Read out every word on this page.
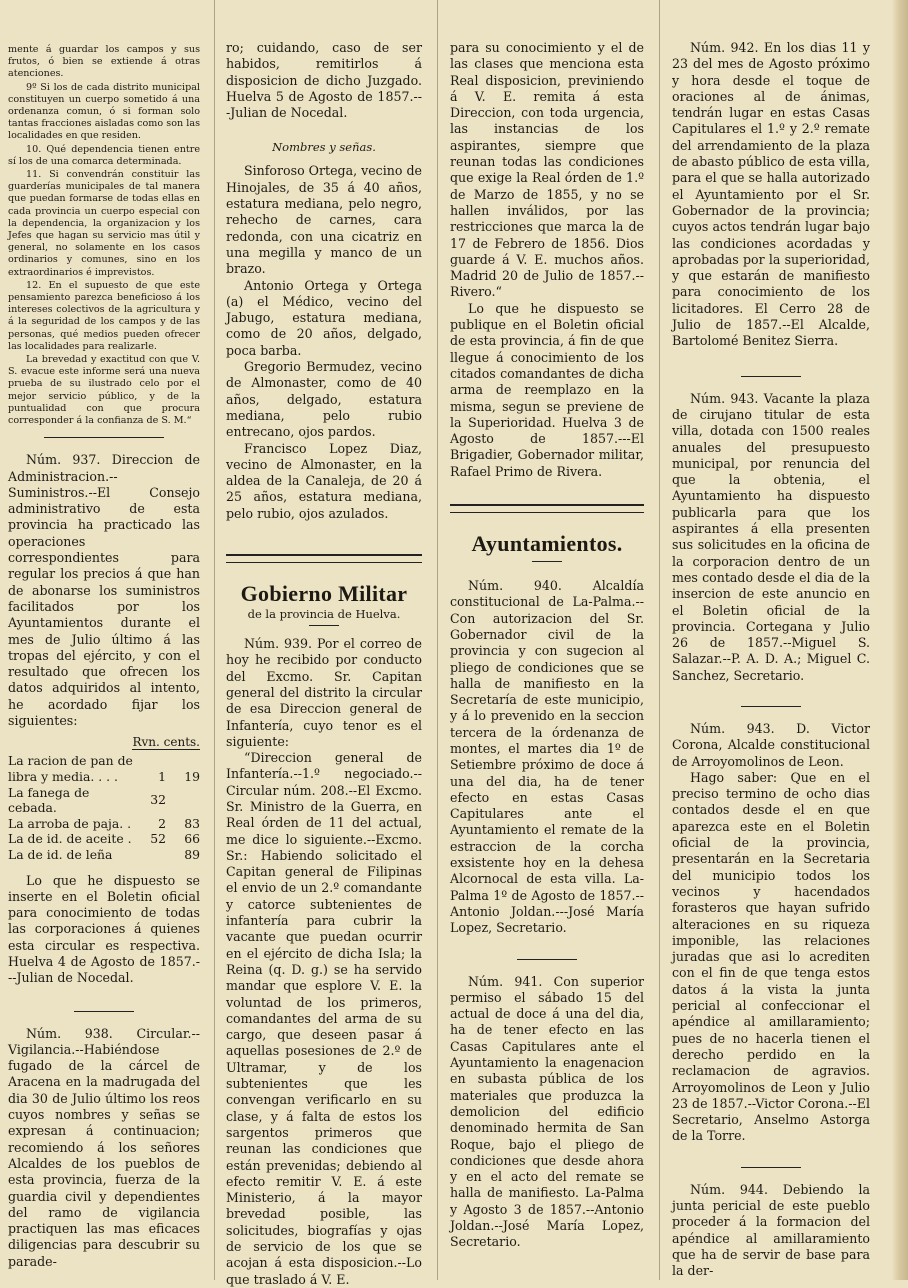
mente á guardar los campos y sus frutos, ó bien se extiende á otras atenciones.

9º Si los de cada distrito municipal constituyen un cuerpo sometido á una ordenanza comun, ó si forman solo tantas fracciones aisladas como son las localidades en que residen.

10. Qué dependencia tienen entre sí los de una comarca determinada.

11. Si convendrán constituir las guarderías municipales de tal manera que puedan formarse de todas ellas en cada provincia un cuerpo especial con la dependencia, la organizacion y los Jefes que hagan su servicio mas útil y general, no solamente en los casos ordinarios y comunes, sino en los extraordinarios é imprevistos.

12. En el supuesto de que este pensamiento parezca beneficioso á los intereses colectivos de la agricultura y á la seguridad de los campos y de las personas, qué medios pueden ofrecer las localidades para realizarle.

La brevedad y exactitud con que V. S. evacue este informe será una nueva prueba de su ilustrado celo por el mejor servicio público, y de la puntualidad con que procura corresponder á la confianza de S. M.“

Núm. 937. Direccion de Administracion.--Suministros.--El Consejo administrativo de esta provincia ha practicado las operaciones correspondientes para regular los precios á que han de abonarse los suministros facilitados por los Ayuntamientos durante el mes de Julio último á las tropas del ejército, y con el resultado que ofrecen los datos adquiridos al intento, he acordado fijar los siguientes:

Rvn. cents.
La racion de pan de		
libra y media. . . .	1	19
La fanega de cebada.	32	
La arroba de paja. .	2	83
La de id. de aceite .	52	66
La de id. de leña		89

Lo que he dispuesto se inserte en el Boletin oficial para conocimiento de todas las corporaciones á quienes esta circular es respectiva. Huelva 4 de Agosto de 1857.---Julian de Nocedal.

Núm. 938. Circular.--Vigilancia.--Habiéndose fugado de la cárcel de Aracena en la madrugada del dia 30 de Julio último los reos cuyos nombres y señas se expresan á continuacion; recomiendo á los señores Alcaldes de los pueblos de esta provincia, fuerza de la guardia civil y dependientes del ramo de vigilancia practiquen las mas eficaces diligencias para descubrir su parade-

ro; cuidando, caso de ser habidos, remitirlos á disposicion de dicho Juzgado. Huelva 5 de Agosto de 1857.---Julian de Nocedal.

Nombres y señas.

Sinforoso Ortega, vecino de Hinojales, de 35 á 40 años, estatura mediana, pelo negro, rehecho de carnes, cara redonda, con una cicatriz en una megilla y manco de un brazo.

Antonio Ortega y Ortega (a) el Médico, vecino del Jabugo, estatura mediana, como de 20 años, delgado, poca barba.

Gregorio Bermudez, vecino de Almonaster, como de 40 años, delgado, estatura mediana, pelo rubio entrecano, ojos pardos.

Francisco Lopez Diaz, vecino de Almonaster, en la aldea de la Canaleja, de 20 á 25 años, estatura mediana, pelo rubio, ojos azulados.

Gobierno Militar
de la provincia de Huelva.

Núm. 939. Por el correo de hoy he recibido por conducto del Excmo. Sr. Capitan general del distrito la circular de esa Direccion general de Infantería, cuyo tenor es el siguiente:

“Direccion general de Infantería.--1.º negociado.--Circular núm. 208.--El Excmo. Sr. Ministro de la Guerra, en Real órden de 11 del actual, me dice lo siguiente.--Excmo. Sr.: Habiendo solicitado el Capitan general de Filipinas el envio de un 2.º comandante y catorce subtenientes de infantería para cubrir la vacante que puedan ocurrir en el ejército de dicha Isla; la Reina (q. D. g.) se ha servido mandar que esplore V. E. la voluntad de los primeros, comandantes del arma de su cargo, que deseen pasar á aquellas posesiones de 2.º de Ultramar, y de los subtenientes que les convengan verificarlo en su clase, y á falta de estos los sargentos primeros que reunan las condiciones que están prevenidas; debiendo al efecto remitir V. E. á este Ministerio, á la mayor brevedad posible, las solicitudes, biografías y ojas de servicio de los que se acojan á esta disposicion.--Lo que traslado á V. E.

para su conocimiento y el de las clases que menciona esta Real disposicion, previniendo á V. E. remita á esta Direccion, con toda urgencia, las instancias de los aspirantes, siempre que reunan todas las condiciones que exige la Real órden de 1.º de Marzo de 1855, y no se hallen inválidos, por las restricciones que marca la de 17 de Febrero de 1856. Dios guarde á V. E. muchos años. Madrid 20 de Julio de 1857.--Rivero.“

Lo que he dispuesto se publique en el Boletin oficial de esta provincia, á fin de que llegue á conocimiento de los citados comandantes de dicha arma de reemplazo en la misma, segun se previene de la Superioridad. Huelva 3 de Agosto de 1857.---El Brigadier, Gobernador militar, Rafael Primo de Rivera.

Ayuntamientos.

Núm. 940. Alcaldía constitucional de La-Palma.--Con autorizacion del Sr. Gobernador civil de la provincia y con sugecion al pliego de condiciones que se halla de manifiesto en la Secretaría de este municipio, y á lo prevenido en la seccion tercera de la órdenanza de montes, el martes dia 1º de Setiembre próximo de doce á una del dia, ha de tener efecto en estas Casas Capitulares ante el Ayuntamiento el remate de la estraccion de la corcha exsistente hoy en la dehesa Alcornocal de esta villa. La-Palma 1º de Agosto de 1857.--Antonio Joldan.---José María Lopez, Secretario.

Núm. 941. Con superior permiso el sábado 15 del actual de doce á una del dia, ha de tener efecto en las Casas Capitulares ante el Ayuntamiento la enagenacion en subasta pública de los materiales que produzca la demolicion del edificio denominado hermita de San Roque, bajo el pliego de condiciones que desde ahora y en el acto del remate se halla de manifiesto. La-Palma y Agosto 3 de 1857.--Antonio Joldan.--José María Lopez, Secretario.

Núm. 942. En los dias 11 y 23 del mes de Agosto próximo y hora desde el toque de oraciones al de ánimas, tendrán lugar en estas Casas Capitulares el 1.º y 2.º remate del arrendamiento de la plaza de abasto público de esta villa, para el que se halla autorizado el Ayuntamiento por el Sr. Gobernador de la provincia; cuyos actos tendrán lugar bajo las condiciones acordadas y aprobadas por la superioridad, y que estarán de manifiesto para conocimiento de los licitadores. El Cerro 28 de Julio de 1857.--El Alcalde, Bartolomé Benitez Sierra.

Núm. 943. Vacante la plaza de cirujano titular de esta villa, dotada con 1500 reales anuales del presupuesto municipal, por renuncia del que la obtenia, el Ayuntamiento ha dispuesto publicarla para que los aspirantes á ella presenten sus solicitudes en la oficina de la corporacion dentro de un mes contado desde el dia de la insercion de este anuncio en el Boletin oficial de la provincia. Cortegana y Julio 26 de 1857.--Miguel S. Salazar.--P. A. D. A.; Miguel C. Sanchez, Secretario.

Núm. 943. D. Victor Corona, Alcalde constitucional de Arroyomolinos de Leon.

Hago saber: Que en el preciso termino de ocho dias contados desde el en que aparezca este en el Boletin oficial de la provincia, presentarán en la Secretaria del municipio todos los vecinos y hacendados forasteros que hayan sufrido alteraciones en su riqueza imponible, las relaciones juradas que asi lo acrediten con el fin de que tenga estos datos á la vista la junta pericial al confeccionar el apéndice al amillaramiento; pues de no hacerla tienen el derecho perdido en la reclamacion de agravios. Arroyomolinos de Leon y Julio 23 de 1857.--Victor Corona.--El Secretario, Anselmo Astorga de la Torre.

Núm. 944. Debiendo la junta pericial de este pueblo proceder á la formacion del apéndice al amillaramiento que ha de servir de base para la der-
